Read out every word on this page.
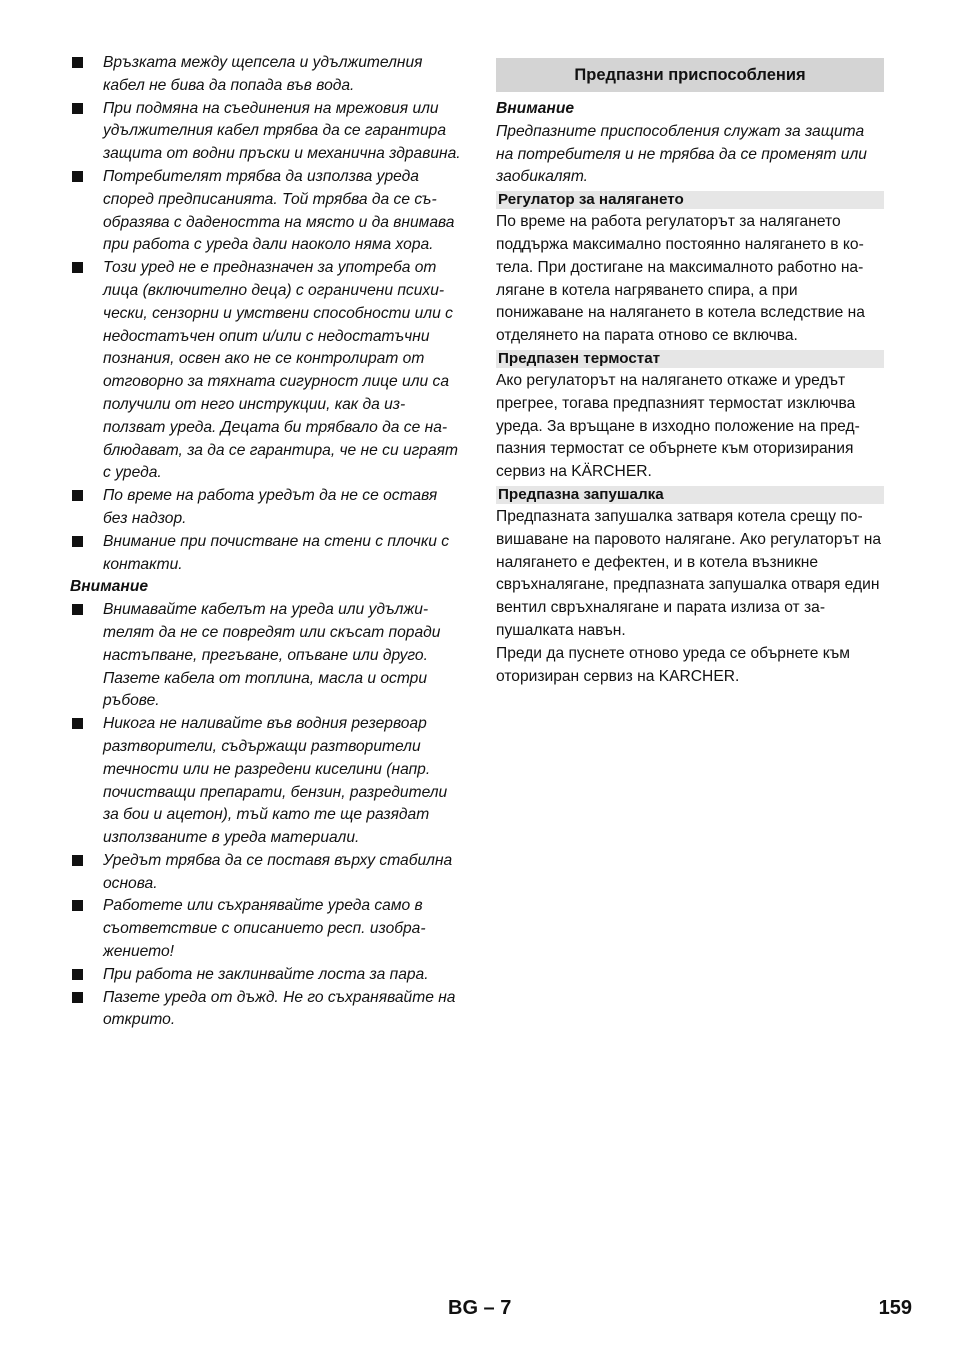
Връзката между щепсела и удължителния кабел не бива да попада във вода.
При подмяна на съединения на мрежовия или удължителния кабел трябва да се гарантира защита от водни пръски и механична здравина.
Потребителят трябва да използва уреда според предписанията. Той трябва да се съобразява с дадеността на място и да внимава при работа с уреда дали наоколо няма хора.
Този уред не е предназначен за употреба от лица (включително деца) с ограничени психически, сензорни и умствени способности или с недостатъчен опит и/или с недостатъчни познания, освен ако не се контролират от отговорно за тяхната сигурност лице или са получили от него инструкции, как да използват уреда. Децата би трябвало да се наблюдават, за да се гарантира, че не си играят с уреда.
По време на работа уредът да не се оставя без надзор.
Внимание при почистване на стени с плочки с контакти.
Внимание
Внимавайте кабелът на уреда или удължителят да не се повредят или скъсат поради настъпване, прегъване, опъване или друго. Пазете кабела от топлина, масла и остри ръбове.
Никога не наливайте във водния резервоар разтворители, съдържащи разтворители течности или не разредени киселини (напр. почистващи препарати, бензин, разредители за бои и ацетон), тъй като те ще разядат използваните в уреда материали.
Уредът трябва да се поставя върху стабилна основа.
Работете или съхранявайте уреда само в съответствие с описанието респ. изображението!
При работа не заклинвайте лоста за пара.
Пазете уреда от дъжд. Не го съхранявайте на открито.
Предпазни приспособления
Внимание

Предпазните приспособления служат за защита на потребителя и не трябва да се променят или заобикалят.

Регулатор за налягането

По време на работа регулаторът за налягането поддържа максимално постоянно налягането в котела. При достигане на максималното работно налягане в котела нагряването спира, а при понижаване на налягането в котела вследствие на отделянето на парата отново се включва.

Предпазен термостат

Ако регулаторът на налягането откаже и уредът прегрее, тогава предпазният термостат изключва уреда. За връщане в изходно положение на предпазния термостат се обърнете към оторизирания сервиз на KÄRCHER.

Предпазна запушалка

Предпазната запушалка затваря котела срещу повишаване на паровото налягане. Ако регулаторът на налягането е дефектен, и в котела възникне свръхналягане, предпазната запушалка отваря един вентил свръхналягане и парата излиза от запушалката навън.

Преди да пуснете отново уреда се обърнете към оторизиран сервиз на KARCHER.

BG – 7	159
